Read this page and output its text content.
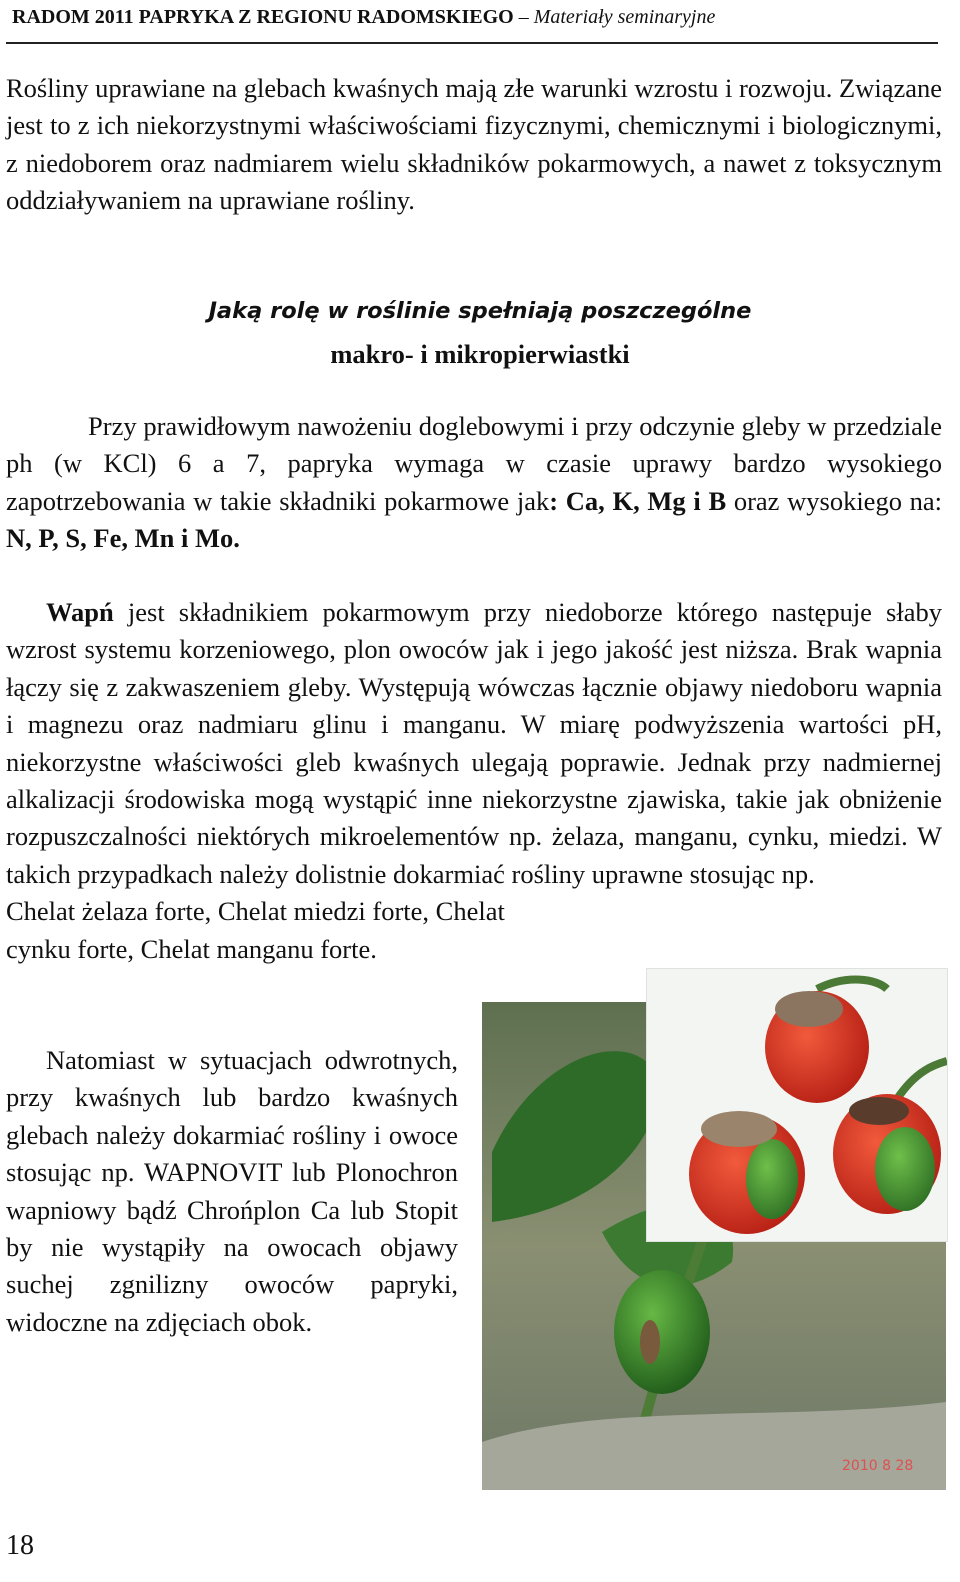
RADOM 2011 PAPRYKA Z REGIONU RADOMSKIEGO – Materiały seminaryjne

Rośliny uprawiane na glebach kwaśnych mają złe warunki wzrostu i rozwoju. Związane jest to z ich niekorzystnymi właściwościami fizycznymi, chemicznymi i biologicznymi, z niedoborem oraz nadmiarem wielu składników pokarmowych, a nawet z toksycznym oddziaływaniem na uprawiane rośliny.

Jaką rolę w roślinie spełniają poszczególne
makro- i mikropierwiastki

Przy prawidłowym nawożeniu doglebowymi i przy odczynie gleby w przedziale ph (w KCl) 6 a 7, papryka wymaga w czasie uprawy bardzo wysokiego zapotrzebowania w takie składniki pokarmowe jak: Ca, K, Mg i B oraz wysokiego na: N, P, S, Fe, Mn i Mo.

Wapń jest składnikiem pokarmowym przy niedoborze którego następuje słaby wzrost systemu korzeniowego, plon owoców jak i jego jakość jest niższa. Brak wapnia łączy się z zakwaszeniem gleby. Występują wówczas łącznie objawy niedoboru wapnia i magnezu oraz nadmiaru glinu i manganu. W miarę podwyższenia wartości pH, niekorzystne właściwości gleb kwaśnych ulegają poprawie. Jednak przy nadmiernej alkalizacji środowiska mogą wystąpić inne niekorzystne zjawiska, takie jak obniżenie rozpuszczalności niektórych mikroelementów np. żelaza, manganu, cynku, miedzi. W takich przypadkach należy dolistnie dokarmiać rośliny uprawne stosując np.
Chelat żelaza forte, Chelat miedzi forte, Chelat
cynku forte, Chelat manganu forte.

2010 8 28

Natomiast w sytuacjach odwrotnych, przy kwaśnych lub bardzo kwaśnych glebach należy dokarmiać rośliny i owoce stosując np. WAPNOVIT lub Plonochron wapniowy bądź Chrońplon Ca lub Stopit by nie wystąpiły na owocach objawy suchej zgnilizny owoców papryki, widoczne na zdjęciach obok.

18
